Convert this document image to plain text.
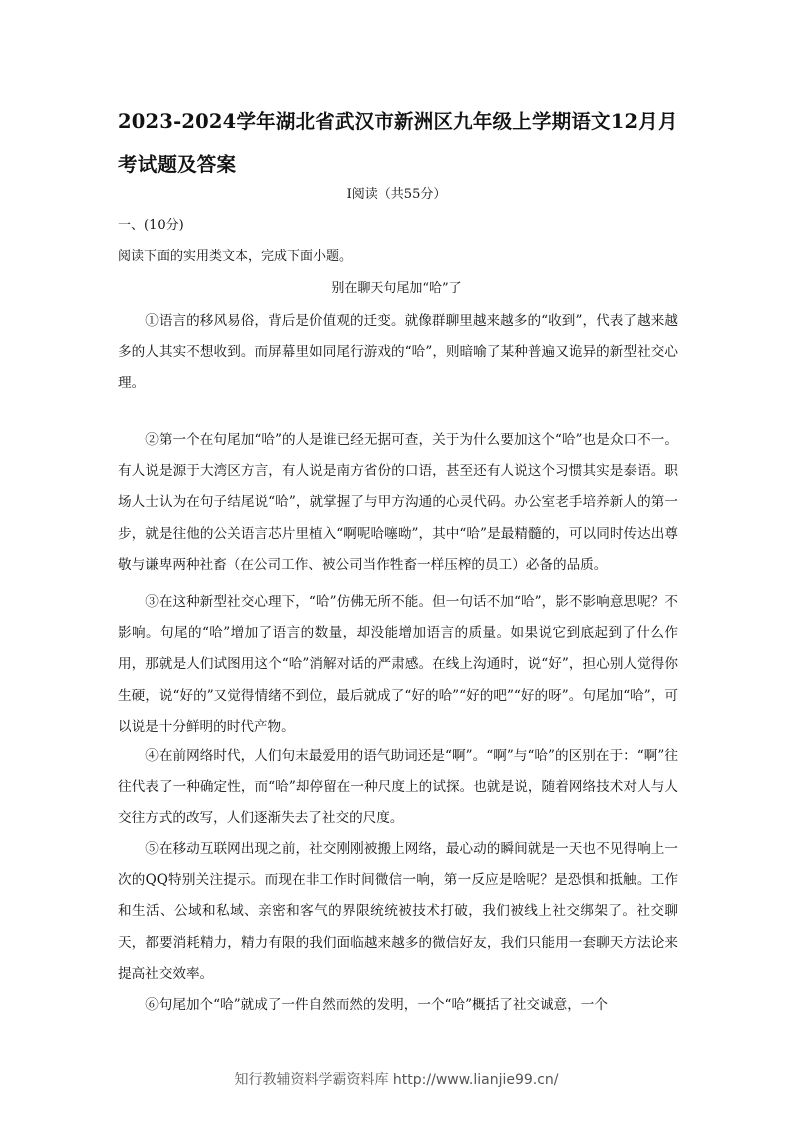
2023-2024学年湖北省武汉市新洲区九年级上学期语文12月月考试题及答案
Ⅰ阅读（共55分）
一、(10分)
阅读下面的实用类文本，完成下面小题。
别在聊天句尾加“哈”了

①语言的移风易俗，背后是价值观的迁变。就像群聊里越来越多的“收到”，代表了越来越多的人其实不想收到。而屏幕里如同尾行游戏的“哈”，则暗喻了某种普遍又诡异的新型社交心理。

②第一个在句尾加“哈”的人是谁已经无据可查，关于为什么要加这个“哈”也是众口不一。有人说是源于大湾区方言，有人说是南方省份的口语，甚至还有人说这个习惯其实是泰语。职场人士认为在句子结尾说“哈”，就掌握了与甲方沟通的心灵代码。办公室老手培养新人的第一步，就是往他的公关语言芯片里植入“啊呢哈噻呦”，其中“哈”是最精髓的，可以同时传达出尊敬与谦卑两种社畜（在公司工作、被公司当作牲畜一样压榨的员工）必备的品质。

③在这种新型社交心理下，“哈”仿佛无所不能。但一句话不加“哈”，影不影响意思呢？不影响。句尾的“哈”增加了语言的数量，却没能增加语言的质量。如果说它到底起到了什么作用，那就是人们试图用这个“哈”消解对话的严肃感。在线上沟通时，说“好”，担心别人觉得你生硬，说“好的”又觉得情绪不到位，最后就成了“好的哈”“好的吧”“好的呀”。句尾加“哈”，可以说是十分鲜明的时代产物。

④在前网络时代，人们句末最爱用的语气助词还是“啊”。“啊”与“哈”的区别在于：“啊”往往代表了一种确定性，而“哈”却停留在一种尺度上的试探。也就是说，随着网络技术对人与人交往方式的改写，人们逐渐失去了社交的尺度。

⑤在移动互联网出现之前，社交刚刚被搬上网络，最心动的瞬间就是一天也不见得响上一次的QQ特别关注提示。而现在非工作时间微信一响，第一反应是啥呢？是恐惧和抵触。工作和生活、公域和私域、亲密和客气的界限统统被技术打破，我们被线上社交绑架了。社交聊天，都要消耗精力，精力有限的我们面临越来越多的微信好友，我们只能用一套聊天方法论来提高社交效率。

⑥句尾加个“哈”就成了一件自然而然的发明，一个“哈”概括了社交诚意，一个

知行教辅资料学霸资料库 http://www.lianjie99.cn/
